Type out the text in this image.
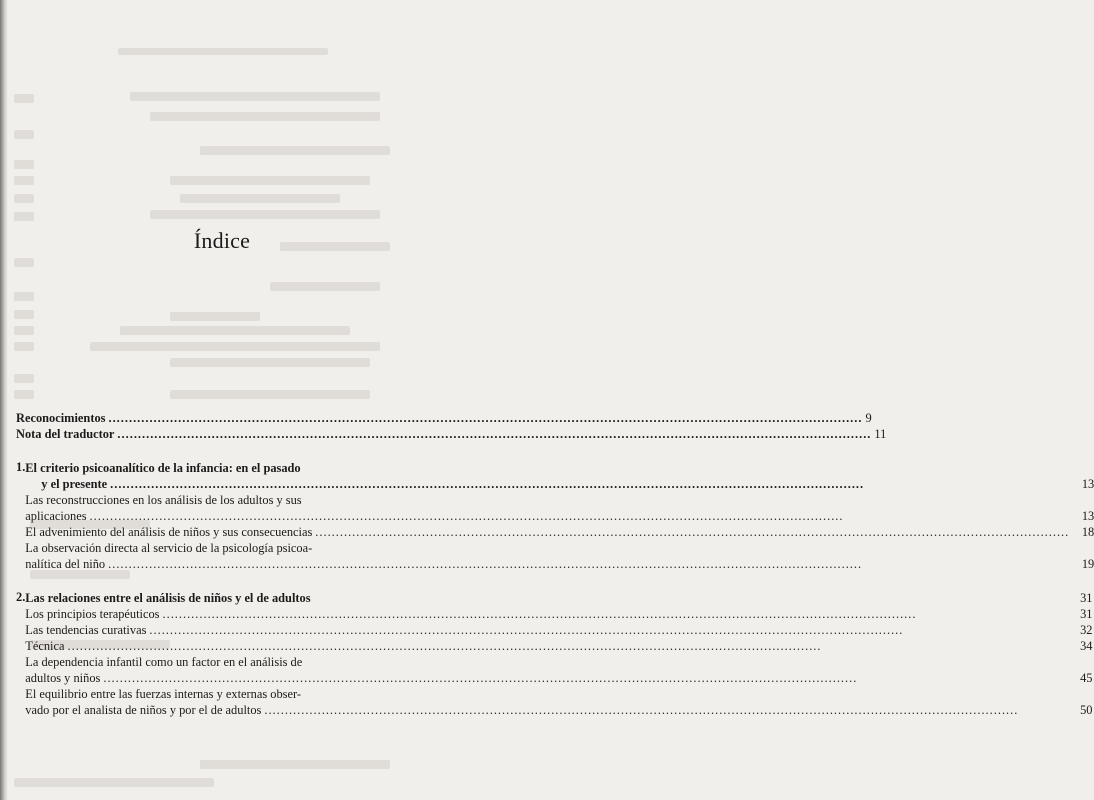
Índice
Reconocimientos .....	9
Nota del traductor .....	11
1. El criterio psicoanalítico de la infancia: en el pasado
y el presente .....	13
Las reconstrucciones en los análisis de los adultos y sus
aplicaciones .....	13
El advenimiento del análisis de niños y sus consecuencias .....	18
La observación directa al servicio de la psicología psicoa-
nalítica del niño .....	19
2. Las relaciones entre el análisis de niños y el de adultos	31
Los principios terapéuticos .....	31
Las tendencias curativas .....	32
Técnica .....	34
La dependencia infantil como un factor en el análisis de
adultos y niños .....	45
El equilibrio entre las fuerzas internas y externas obser-
vado por el analista de niños y por el de adultos .....	50
